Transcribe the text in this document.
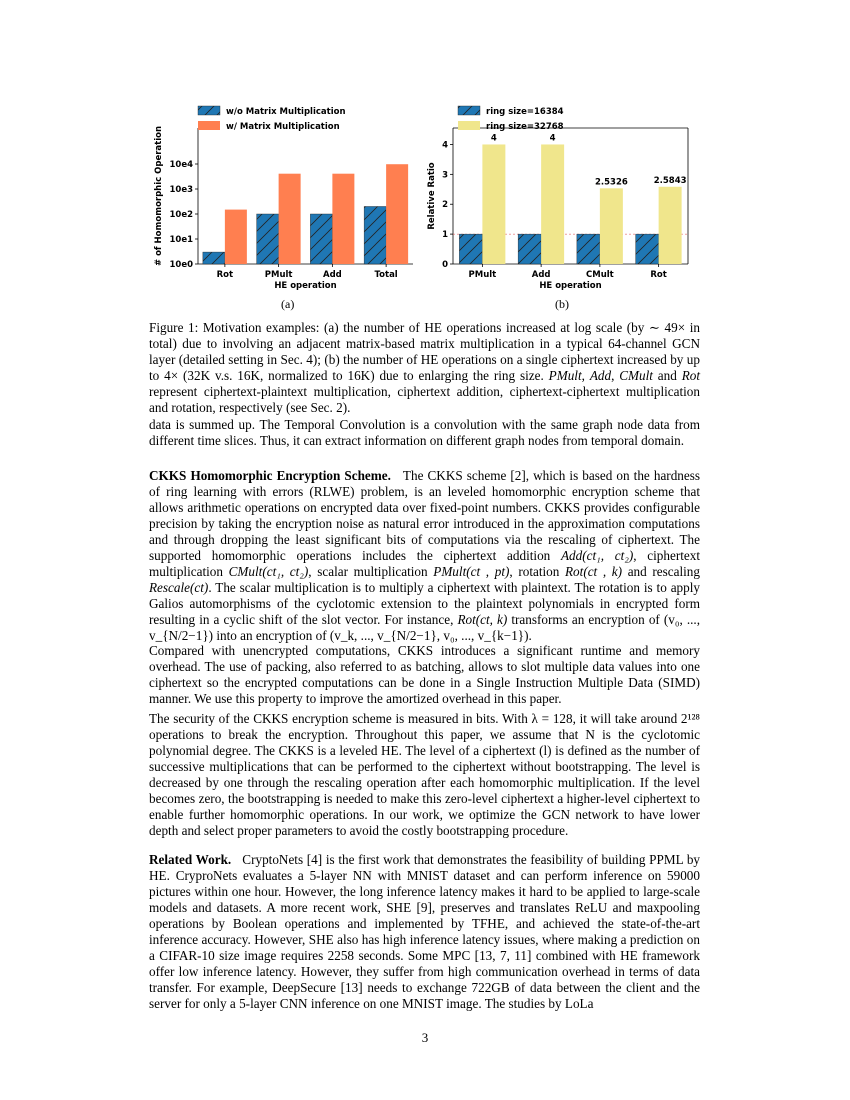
10e0
10e1
10e2
10e3
10e4
Rot	PMult	Add	Total
HE operation
# of Homomorphic Operation
w/o Matrix Multiplication
w/ Matrix Multiplication
0
1
2
3
4
PMult
4
Add
4
CMult
2.5326
Rot
2.5843
HE operation
Relative Ratio
ring size=16384
ring size=32768
(a)	(b)

Figure 1: Motivation examples: (a) the number of HE operations increased at log scale (by ∼ 49× in total) due to involving an adjacent matrix-based matrix multiplication in a typical 64-channel GCN layer (detailed setting in Sec. 4); (b) the number of HE operations on a single ciphertext increased by up to 4× (32K v.s. 16K, normalized to 16K) due to enlarging the ring size. PMult, Add, CMult and Rot represent ciphertext-plaintext multiplication, ciphertext addition, ciphertext-ciphertext multiplication and rotation, respectively (see Sec. 2).

data is summed up. The Temporal Convolution is a convolution with the same graph node data from different time slices. Thus, it can extract information on different graph nodes from temporal domain.

CKKS Homomorphic Encryption Scheme. The CKKS scheme [2], which is based on the hardness of ring learning with errors (RLWE) problem, is an leveled homomorphic encryption scheme that allows arithmetic operations on encrypted data over fixed-point numbers. CKKS provides configurable precision by taking the encryption noise as natural error introduced in the approximation computations and through dropping the least significant bits of computations via the rescaling of ciphertext. The supported homomorphic operations includes the ciphertext addition Add(ct₁, ct₂), ciphertext multiplication CMult(ct₁, ct₂), scalar multiplication PMult(ct , pt), rotation Rot(ct , k) and rescaling Rescale(ct). The scalar multiplication is to multiply a ciphertext with plaintext. The rotation is to apply Galios automorphisms of the cyclotomic extension to the plaintext polynomials in encrypted form resulting in a cyclic shift of the slot vector. For instance, Rot(ct, k) transforms an encryption of (v₀, ..., v_{N/2−1}) into an encryption of (v_k, ..., v_{N/2−1}, v₀, ..., v_{k−1}).

Compared with unencrypted computations, CKKS introduces a significant runtime and memory overhead. The use of packing, also referred to as batching, allows to slot multiple data values into one ciphertext so the encrypted computations can be done in a Single Instruction Multiple Data (SIMD) manner. We use this property to improve the amortized overhead in this paper.

The security of the CKKS encryption scheme is measured in bits. With λ = 128, it will take around 2¹²⁸ operations to break the encryption. Throughout this paper, we assume that N is the cyclotomic polynomial degree. The CKKS is a leveled HE. The level of a ciphertext (l) is defined as the number of successive multiplications that can be performed to the ciphertext without bootstrapping. The level is decreased by one through the rescaling operation after each homomorphic multiplication. If the level becomes zero, the bootstrapping is needed to make this zero-level ciphertext a higher-level ciphertext to enable further homomorphic operations. In our work, we optimize the GCN network to have lower depth and select proper parameters to avoid the costly bootstrapping procedure.

Related Work. CryptoNets [4] is the first work that demonstrates the feasibility of building PPML by HE. CryproNets evaluates a 5-layer NN with MNIST dataset and can perform inference on 59000 pictures within one hour. However, the long inference latency makes it hard to be applied to large-scale models and datasets. A more recent work, SHE [9], preserves and translates ReLU and maxpooling operations by Boolean operations and implemented by TFHE, and achieved the state-of-the-art inference accuracy. However, SHE also has high inference latency issues, where making a prediction on a CIFAR-10 size image requires 2258 seconds. Some MPC [13, 7, 11] combined with HE framework offer low inference latency. However, they suffer from high communication overhead in terms of data transfer. For example, DeepSecure [13] needs to exchange 722GB of data between the client and the server for only a 5-layer CNN inference on one MNIST image. The studies by LoLa

3
